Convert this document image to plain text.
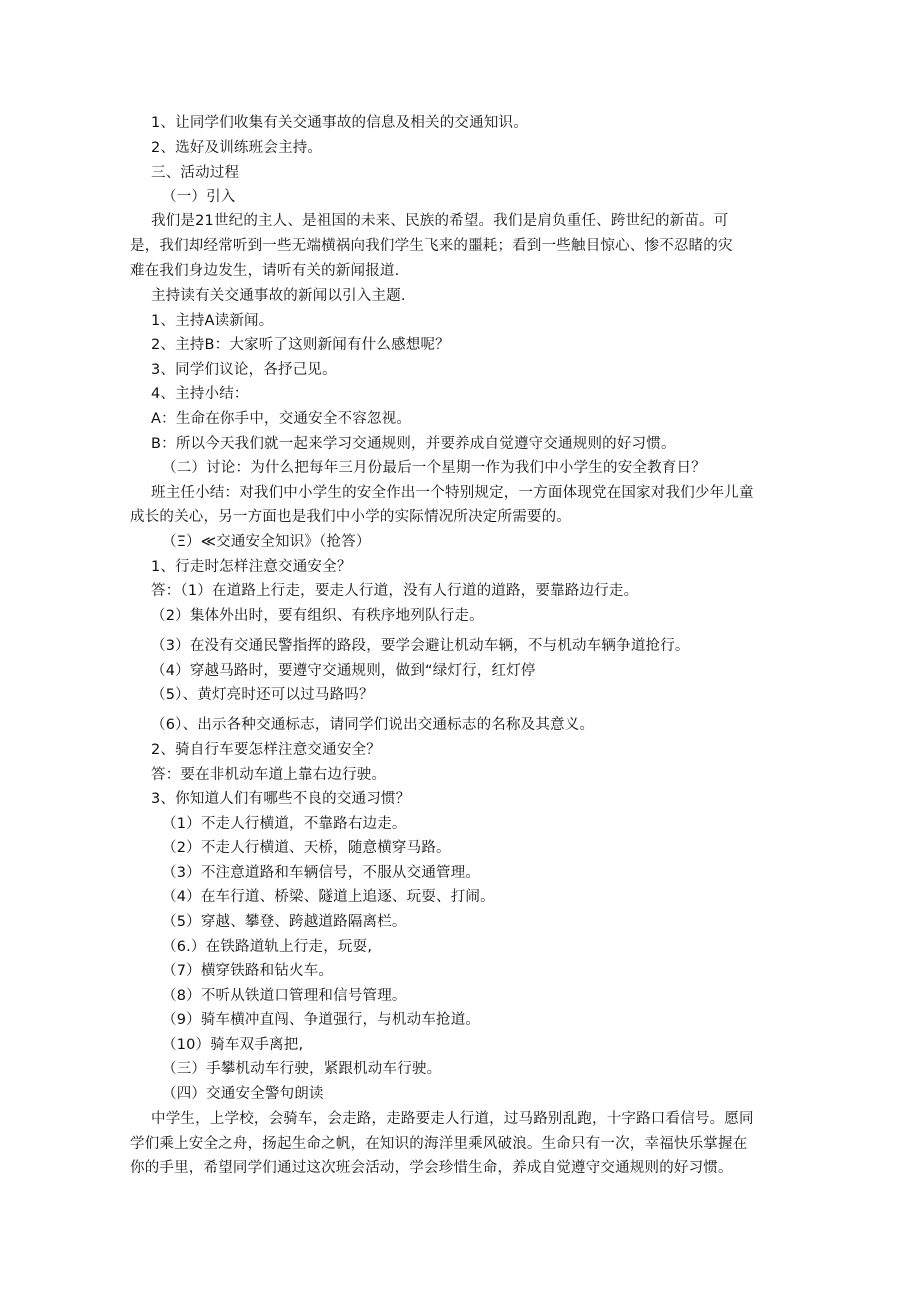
1、让同学们收集有关交通事故的信息及相关的交通知识。
2、选好及训练班会主持。
三、活动过程
（一）引入
我们是21世纪的主人、是祖国的未来、民族的希望。我们是肩负重任、跨世纪的新苗。可
是，我们却经常听到一些无端横祸向我们学生飞来的噩耗；看到一些触目惊心、惨不忍睹的灾
难在我们身边发生，请听有关的新闻报道.
主持读有关交通事故的新闻以引入主题.
1、主持A读新闻。
2、主持B：大家听了这则新闻有什么感想呢？
3、同学们议论，各抒己见。
4、主持小结：
A：生命在你手中，交通安全不容忽视。
B：所以今天我们就一起来学习交通规则，并要养成自觉遵守交通规则的好习惯。
（二）讨论：为什么把每年三月份最后一个星期一作为我们中小学生的安全教育日？
班主任小结：对我们中小学生的安全作出一个特别规定，一方面体现党在国家对我们少年儿童
成长的关心，另一方面也是我们中小学的实际情况所决定所需要的。
（Ξ）≪交通安全知识》（抢答）
1、行走时怎样注意交通安全？
答：（1）在道路上行走，要走人行道，没有人行道的道路，要靠路边行走。
（2）集体外出时，要有组织、有秩序地列队行走。
（3）在没有交通民警指挥的路段，要学会避让机动车辆，不与机动车辆争道抢行。
（4）穿越马路时，要遵守交通规则，做到“绿灯行，红灯停
（5）、黄灯亮时还可以过马路吗？
（6）、出示各种交通标志，请同学们说出交通标志的名称及其意义。
2、骑自行车要怎样注意交通安全？
答：要在非机动车道上靠右边行驶。
3、你知道人们有哪些不良的交通习惯？
（1）不走人行横道，不靠路右边走。
（2）不走人行横道、天桥，随意横穿马路。
（3）不注意道路和车辆信号，不服从交通管理。
（4）在车行道、桥梁、隧道上追逐、玩耍、打闹。
（5）穿越、攀登、跨越道路隔离栏。
（6.）在铁路道轨上行走，玩耍,
（7）横穿铁路和钻火车。
（8）不听从铁道口管理和信号管理。
（9）骑车横冲直闯、争道强行，与机动车抢道。
（10）骑车双手离把,
（三）手攀机动车行驶，紧跟机动车行驶。
（四）交通安全警句朗读
中学生，上学校，会骑车，会走路，走路要走人行道，过马路别乱跑，十字路口看信号。愿同
学们乘上安全之舟，扬起生命之帆，在知识的海洋里乘风破浪。生命只有一次，幸福快乐掌握在
你的手里，希望同学们通过这次班会活动，学会珍惜生命，养成自觉遵守交通规则的好习惯。
